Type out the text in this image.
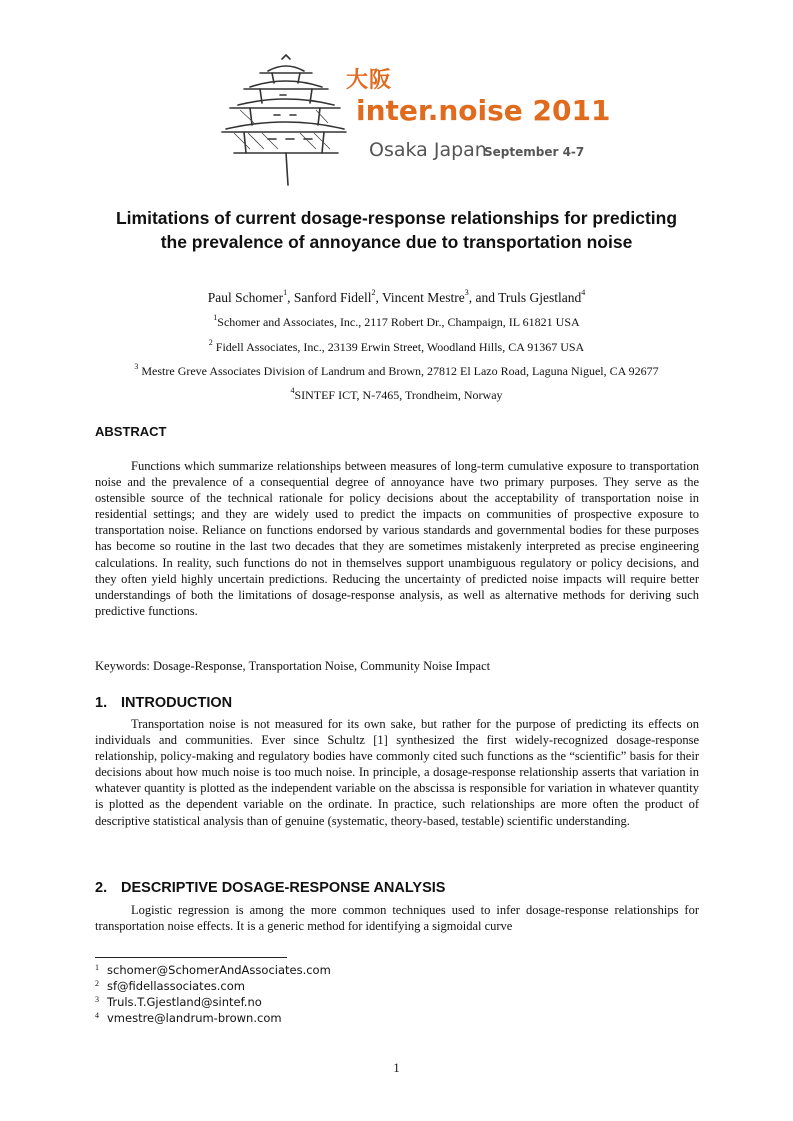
大阪
inter.noise 2011
Osaka Japan
September 4-7
Limitations of current dosage-response relationships for predicting
the prevalence of annoyance due to transportation noise
Paul Schomer$^1$, Sanford Fidell$^2$, Vincent Mestre$^3$, and Truls Gjestland$^4$
$^1$Schomer and Associates, Inc., 2117 Robert Dr., Champaign, IL 61821 USA
$^2$ Fidell Associates, Inc., 23139 Erwin Street, Woodland Hills, CA 91367 USA
$^3$ Mestre Greve Associates Division of Landrum and Brown, 27812 El Lazo Road, Laguna Niguel, CA 92677
$^4$SINTEF ICT, N-7465, Trondheim, Norway
ABSTRACT
Functions which summarize relationships between measures of long-term cumulative exposure to transportation noise and the prevalence of a consequential degree of annoyance have two primary purposes. They serve as the ostensible source of the technical rationale for policy decisions about the acceptability of transportation noise in residential settings; and they are widely used to predict the impacts on communities of prospective exposure to transportation noise. Reliance on functions endorsed by various standards and governmental bodies for these purposes has become so routine in the last two decades that they are sometimes mistakenly interpreted as precise engineering calculations. In reality, such functions do not in themselves support unambiguous regulatory or policy decisions, and they often yield highly uncertain predictions. Reducing the uncertainty of predicted noise impacts will require better understandings of both the limitations of dosage-response analysis, as well as alternative methods for deriving such predictive functions.
Keywords: Dosage-Response, Transportation Noise, Community Noise Impact
1. INTRODUCTION
Transportation noise is not measured for its own sake, but rather for the purpose of predicting its effects on individuals and communities. Ever since Schultz [1] synthesized the first widely-recognized dosage-response relationship, policy-making and regulatory bodies have commonly cited such functions as the “scientific” basis for their decisions about how much noise is too much noise. In principle, a dosage-response relationship asserts that variation in whatever quantity is plotted as the independent variable on the abscissa is responsible for variation in whatever quantity is plotted as the dependent variable on the ordinate. In practice, such relationships are more often the product of descriptive statistical analysis than of genuine (systematic, theory-based, testable) scientific understanding.
2. DESCRIPTIVE DOSAGE-RESPONSE ANALYSIS
Logistic regression is among the more common techniques used to infer dosage-response relationships for transportation noise effects. It is a generic method for identifying a sigmoidal curve
1 schomer@SchomerAndAssociates.com
2 sf@fidellassociates.com
3 Truls.T.Gjestland@sintef.no
4 vmestre@landrum-brown.com
1
